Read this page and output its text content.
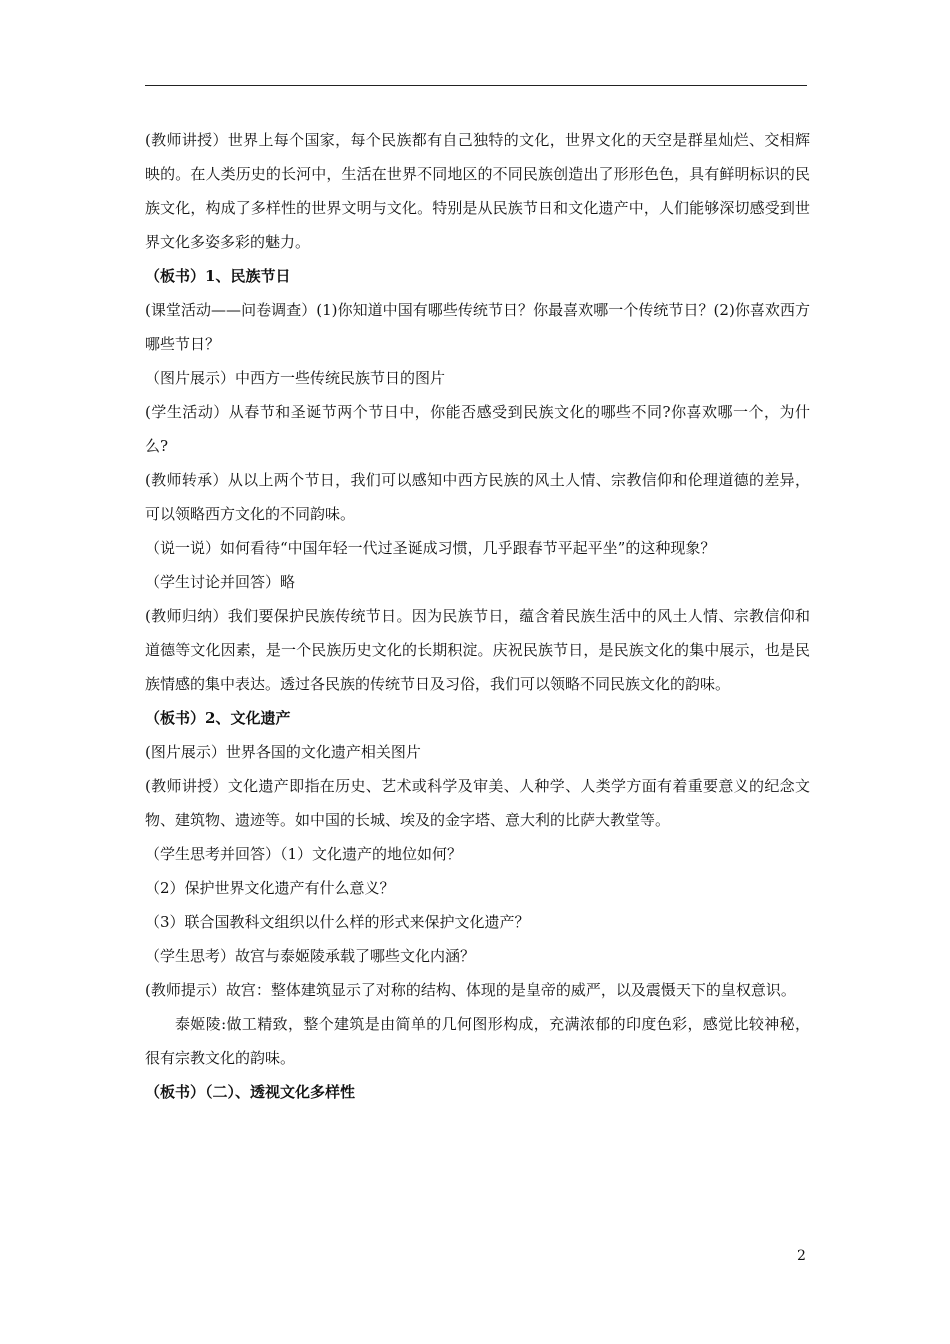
(教师讲授）世界上每个国家，每个民族都有自己独特的文化，世界文化的天空是群星灿烂、交相辉映的。在人类历史的长河中，生活在世界不同地区的不同民族创造出了形形色色，具有鲜明标识的民族文化，构成了多样性的世界文明与文化。特别是从民族节日和文化遗产中，人们能够深切感受到世界文化多姿多彩的魅力。

（板书）1、民族节日

(课堂活动——问卷调查）(1)你知道中国有哪些传统节日？你最喜欢哪一个传统节日？(2)你喜欢西方哪些节日？

（图片展示）中西方一些传统民族节日的图片

(学生活动）从春节和圣诞节两个节日中，你能否感受到民族文化的哪些不同?你喜欢哪一个，为什么?

(教师转承）从以上两个节日，我们可以感知中西方民族的风土人情、宗教信仰和伦理道德的差异，可以领略西方文化的不同韵味。

（说一说）如何看待“中国年轻一代过圣诞成习惯，几乎跟春节平起平坐”的这种现象？

（学生讨论并回答）略

(教师归纳）我们要保护民族传统节日。因为民族节日，蕴含着民族生活中的风土人情、宗教信仰和道德等文化因素，是一个民族历史文化的长期积淀。庆祝民族节日，是民族文化的集中展示，也是民族情感的集中表达。透过各民族的传统节日及习俗，我们可以领略不同民族文化的韵味。

（板书）2、文化遗产

(图片展示）世界各国的文化遗产相关图片

(教师讲授）文化遗产即指在历史、艺术或科学及审美、人种学、人类学方面有着重要意义的纪念文物、建筑物、遗迹等。如中国的长城、埃及的金字塔、意大利的比萨大教堂等。

（学生思考并回答）（1）文化遗产的地位如何？

（2）保护世界文化遗产有什么意义？

（3）联合国教科文组织以什么样的形式来保护文化遗产？

（学生思考）故宫与泰姬陵承载了哪些文化内涵？

(教师提示）故宫：整体建筑显示了对称的结构、体现的是皇帝的威严，以及震慑天下的皇权意识。

泰姬陵:做工精致，整个建筑是由简单的几何图形构成，充满浓郁的印度色彩，感觉比较神秘，很有宗教文化的韵味。

（板书）（二）、透视文化多样性

2
